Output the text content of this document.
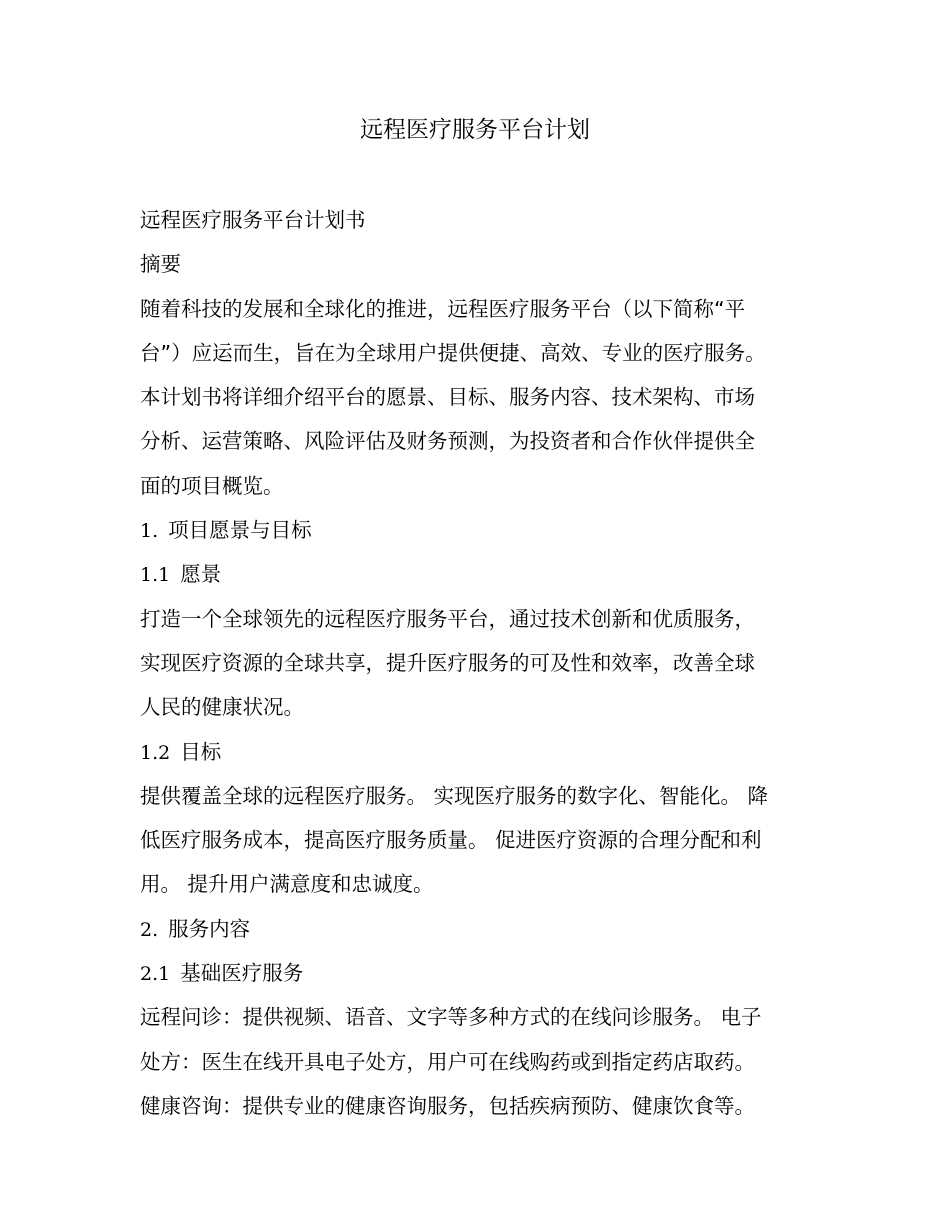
远程医疗服务平台计划

远程医疗服务平台计划书

摘要

随着科技的发展和全球化的推进，远程医疗服务平台（以下简称“平

台”）应运而生，旨在为全球用户提供便捷、高效、专业的医疗服务。

本计划书将详细介绍平台的愿景、目标、服务内容、技术架构、市场

分析、运营策略、风险评估及财务预测，为投资者和合作伙伴提供全

面的项目概览。

1. 项目愿景与目标

1.1 愿景

打造一个全球领先的远程医疗服务平台，通过技术创新和优质服务，

实现医疗资源的全球共享，提升医疗服务的可及性和效率，改善全球

人民的健康状况。

1.2 目标

提供覆盖全球的远程医疗服务。 实现医疗服务的数字化、智能化。 降

低医疗服务成本，提高医疗服务质量。 促进医疗资源的合理分配和利

用。 提升用户满意度和忠诚度。

2. 服务内容

2.1 基础医疗服务

远程问诊：提供视频、语音、文字等多种方式的在线问诊服务。 电子

处方：医生在线开具电子处方，用户可在线购药或到指定药店取药。

健康咨询：提供专业的健康咨询服务，包括疾病预防、健康饮食等。
